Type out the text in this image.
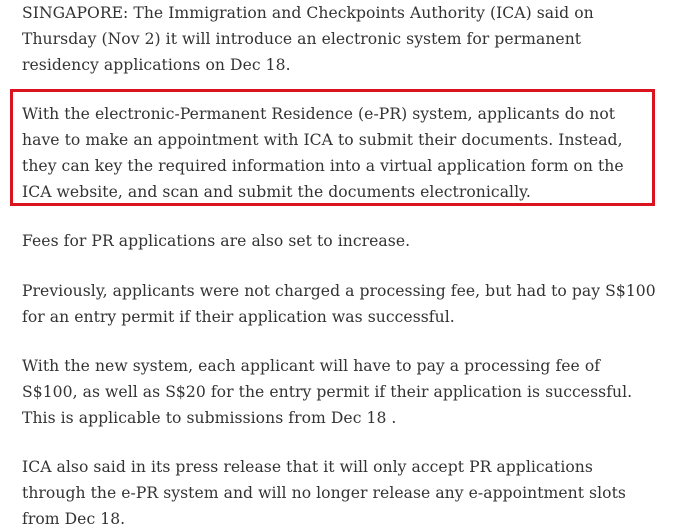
SINGAPORE: The Immigration and Checkpoints Authority (ICA) said on Thursday (Nov 2) it will introduce an electronic system for permanent residency applications on Dec 18.

With the electronic-Permanent Residence (e-PR) system, applicants do not have to make an appointment with ICA to submit their documents. Instead, they can key the required information into a virtual application form on the ICA website, and scan and submit the documents electronically.

Fees for PR applications are also set to increase.

Previously, applicants were not charged a processing fee, but had to pay S$100 for an entry permit if their application was successful.

With the new system, each applicant will have to pay a processing fee of S$100, as well as S$20 for the entry permit if their application is successful. This is applicable to submissions from Dec 18 .

ICA also said in its press release that it will only accept PR applications through the e-PR system and will no longer release any e-appointment slots from Dec 18.
